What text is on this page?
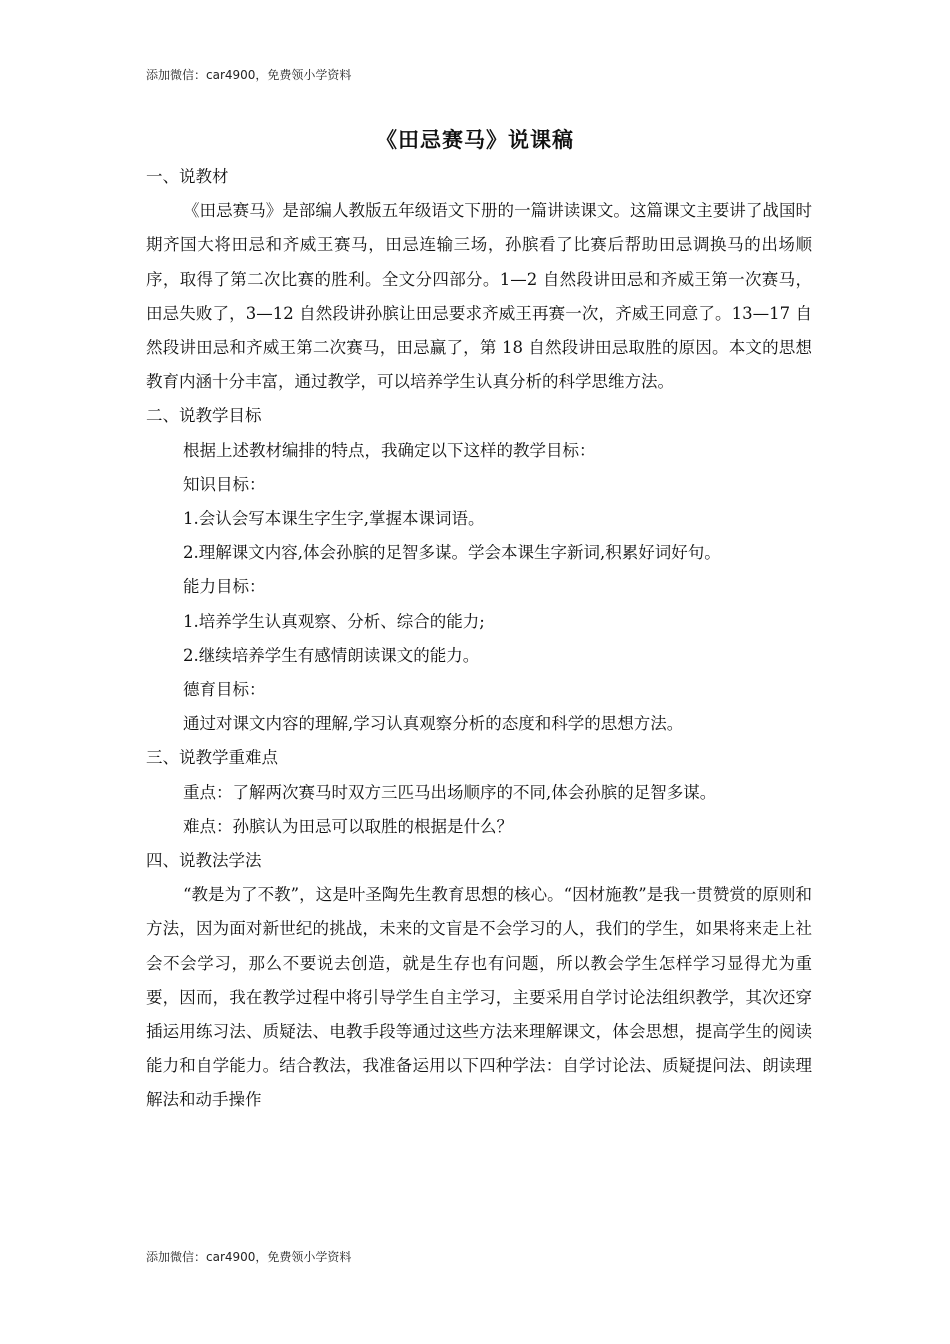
添加微信：car4900，免费领小学资料
《田忌赛马》说课稿

一、说教材

《田忌赛马》是部编人教版五年级语文下册的一篇讲读课文。这篇课文主要讲了战国时期齐国大将田忌和齐威王赛马，田忌连输三场，孙膑看了比赛后帮助田忌调换马的出场顺序，取得了第二次比赛的胜利。全文分四部分。1—2 自然段讲田忌和齐威王第一次赛马，田忌失败了，3—12 自然段讲孙膑让田忌要求齐威王再赛一次，齐威王同意了。13—17 自然段讲田忌和齐威王第二次赛马，田忌赢了，第 18 自然段讲田忌取胜的原因。本文的思想教育内涵十分丰富，通过教学，可以培养学生认真分析的科学思维方法。

二、说教学目标

根据上述教材编排的特点，我确定以下这样的教学目标：

知识目标：

1.会认会写本课生字生字,掌握本课词语。

2.理解课文内容,体会孙膑的足智多谋。学会本课生字新词,积累好词好句。

能力目标：

1.培养学生认真观察、分析、综合的能力;

2.继续培养学生有感情朗读课文的能力。

德育目标：

通过对课文内容的理解,学习认真观察分析的态度和科学的思想方法。

三、说教学重难点

重点：了解两次赛马时双方三匹马出场顺序的不同,体会孙膑的足智多谋。

难点：孙膑认为田忌可以取胜的根据是什么？

四、说教法学法

“教是为了不教”，这是叶圣陶先生教育思想的核心。“因材施教”是我一贯赞赏的原则和方法，因为面对新世纪的挑战，未来的文盲是不会学习的人，我们的学生，如果将来走上社会不会学习，那么不要说去创造，就是生存也有问题，所以教会学生怎样学习显得尤为重要，因而，我在教学过程中将引导学生自主学习，主要采用自学讨论法组织教学，其次还穿插运用练习法、质疑法、电教手段等通过这些方法来理解课文，体会思想，提高学生的阅读能力和自学能力。结合教法，我准备运用以下四种学法：自学讨论法、质疑提问法、朗读理解法和动手操作

添加微信：car4900，免费领小学资料
